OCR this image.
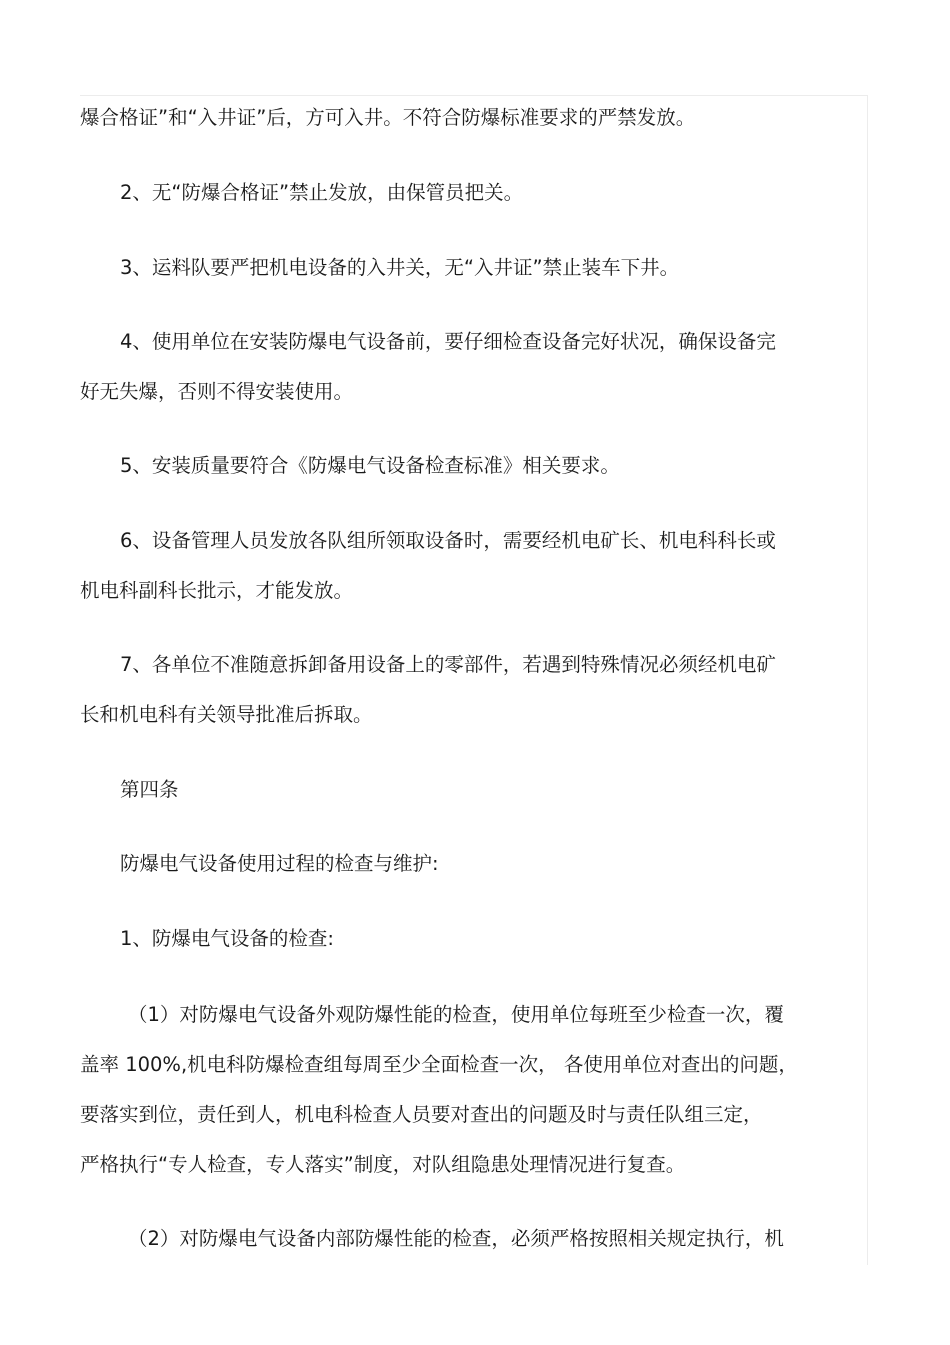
爆合格证”和“入井证”后，方可入井。不符合防爆标准要求的严禁发放。
2、无“防爆合格证”禁止发放，由保管员把关。
3、运料队要严把机电设备的入井关，无“入井证”禁止装车下井。
4、使用单位在安装防爆电气设备前，要仔细检查设备完好状况，确保设备完
好无失爆，否则不得安装使用。
5、安装质量要符合《防爆电气设备检查标准》相关要求。
6、设备管理人员发放各队组所领取设备时，需要经机电矿长、机电科科长或
机电科副科长批示，才能发放。
7、各单位不准随意拆卸备用设备上的零部件，若遇到特殊情况必须经机电矿
长和机电科有关领导批准后拆取。
第四条
防爆电气设备使用过程的检查与维护:
1、防爆电气设备的检查:
（1）对防爆电气设备外观防爆性能的检查，使用单位每班至少检查一次，覆
盖率 100%,机电科防爆检查组每周至少全面检查一次， 各使用单位对查出的问题，
要落实到位，责任到人，机电科检查人员要对查出的问题及时与责任队组三定，
严格执行“专人检查，专人落实”制度，对队组隐患处理情况进行复查。
（2）对防爆电气设备内部防爆性能的检查，必须严格按照相关规定执行，机
